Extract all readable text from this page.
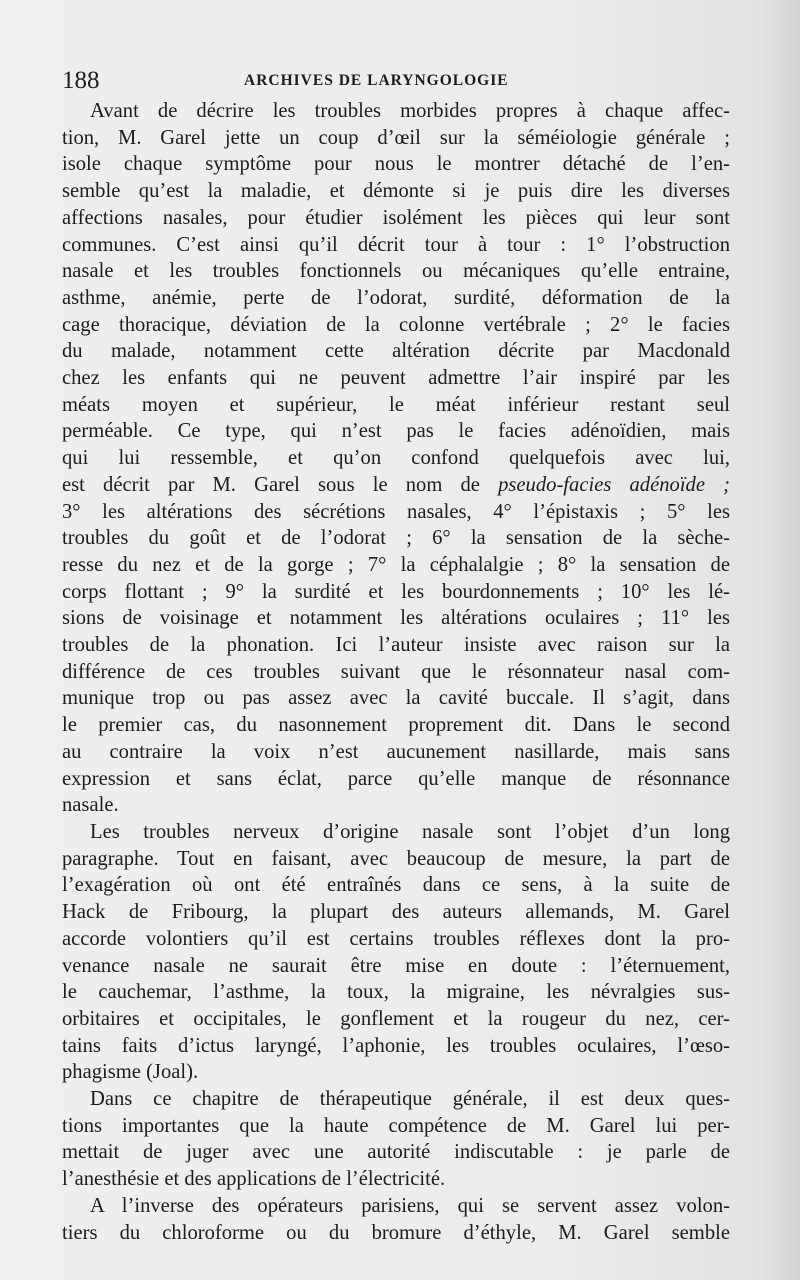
188	ARCHIVES DE LARYNGOLOGIE
Avant de décrire les troubles morbides propres à chaque affec-
tion, M. Garel jette un coup d’œil sur la séméiologie générale ;
isole chaque symptôme pour nous le montrer détaché de l’en-
semble qu’est la maladie, et démonte si je puis dire les diverses
affections nasales, pour étudier isolément les pièces qui leur sont
communes. C’est ainsi qu’il décrit tour à tour : 1° l’obstruction
nasale et les troubles fonctionnels ou mécaniques qu’elle entraine,
asthme, anémie, perte de l’odorat, surdité, déformation de la
cage thoracique, déviation de la colonne vertébrale ; 2° le facies
du malade, notamment cette altération décrite par Macdonald
chez les enfants qui ne peuvent admettre l’air inspiré par les
méats moyen et supérieur, le méat inférieur restant seul
perméable. Ce type, qui n’est pas le facies adénoïdien, mais
qui lui ressemble, et qu’on confond quelquefois avec lui,
est décrit par M. Garel sous le nom de pseudo-facies adénoïde ;
3° les altérations des sécrétions nasales, 4° l’épistaxis ; 5° les
troubles du goût et de l’odorat ; 6° la sensation de la sèche-
resse du nez et de la gorge ; 7° la céphalalgie ; 8° la sensation de
corps flottant ; 9° la surdité et les bourdonnements ; 10° les lé-
sions de voisinage et notamment les altérations oculaires ; 11° les
troubles de la phonation. Ici l’auteur insiste avec raison sur la
différence de ces troubles suivant que le résonnateur nasal com-
munique trop ou pas assez avec la cavité buccale. Il s’agit, dans
le premier cas, du nasonnement proprement dit. Dans le second
au contraire la voix n’est aucunement nasillarde, mais sans
expression et sans éclat, parce qu’elle manque de résonnance
nasale.
Les troubles nerveux d’origine nasale sont l’objet d’un long
paragraphe. Tout en faisant, avec beaucoup de mesure, la part de
l’exagération où ont été entraînés dans ce sens, à la suite de
Hack de Fribourg, la plupart des auteurs allemands, M. Garel
accorde volontiers qu’il est certains troubles réflexes dont la pro-
venance nasale ne saurait être mise en doute : l’éternuement,
le cauchemar, l’asthme, la toux, la migraine, les névralgies sus-
orbitaires et occipitales, le gonflement et la rougeur du nez, cer-
tains faits d’ictus laryngé, l’aphonie, les troubles oculaires, l’œso-
phagisme (Joal).
Dans ce chapitre de thérapeutique générale, il est deux ques-
tions importantes que la haute compétence de M. Garel lui per-
mettait de juger avec une autorité indiscutable : je parle de
l’anesthésie et des applications de l’électricité.
A l’inverse des opérateurs parisiens, qui se servent assez volon-
tiers du chloroforme ou du bromure d’éthyle, M. Garel semble
